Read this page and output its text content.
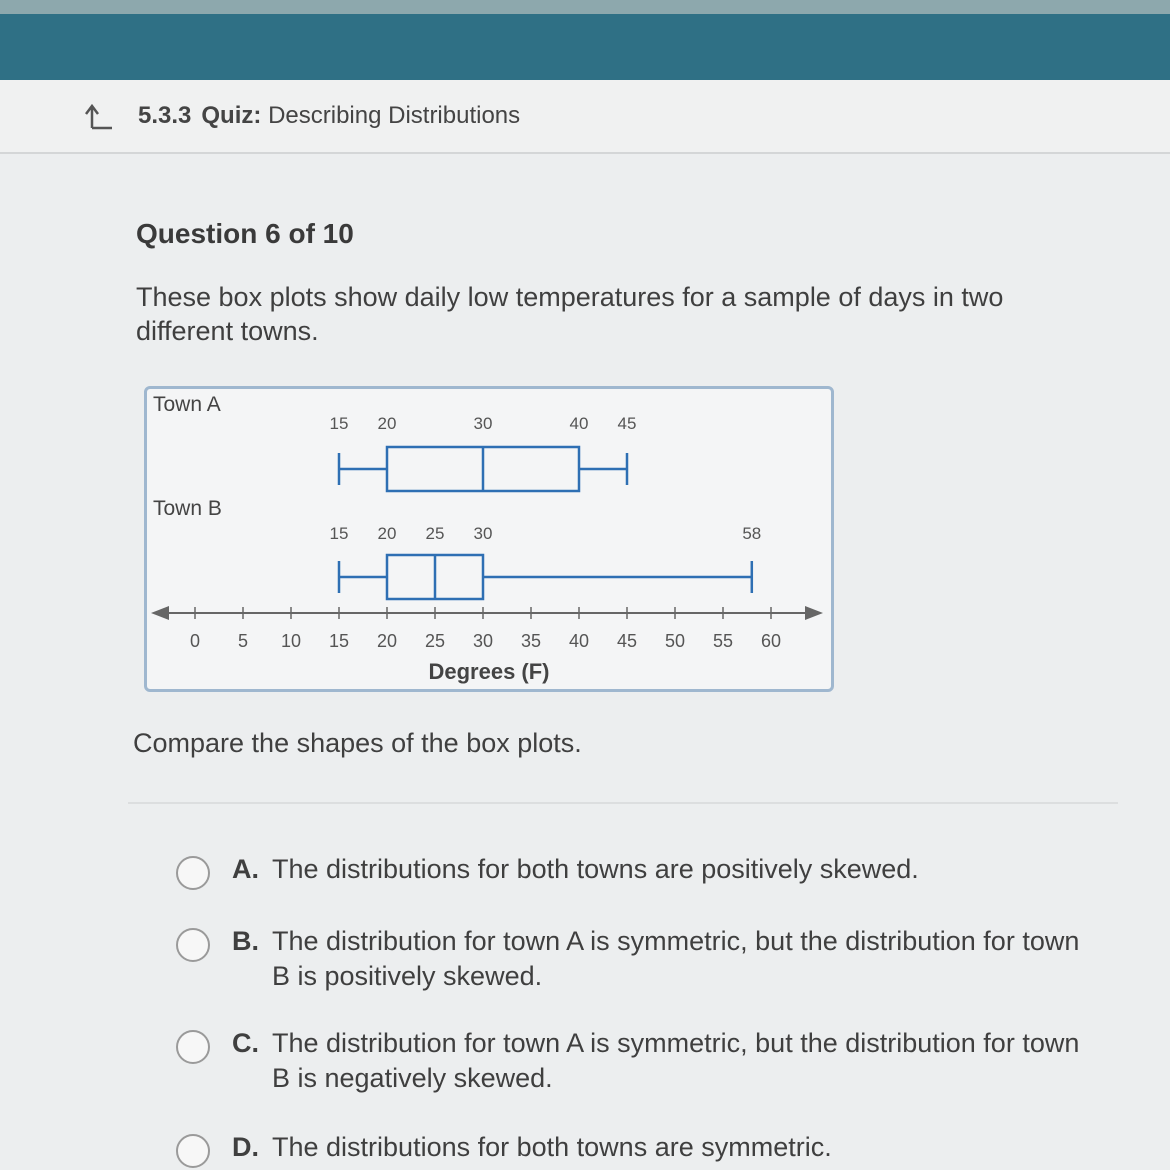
5.3.3 Quiz: Describing Distributions
Question 6 of 10
These box plots show daily low temperatures for a sample of days in two different towns.
Town A
15 20	30	40 45
Town B
15 20 25 30	58
0 5 10 15 20 25 30 35 40 45 50 55 60
Degrees (F)
Compare the shapes of the box plots.
A. The distributions for both towns are positively skewed.
B. The distribution for town A is symmetric, but the distribution for town B is positively skewed.
C. The distribution for town A is symmetric, but the distribution for town B is negatively skewed.
D. The distributions for both towns are symmetric.
